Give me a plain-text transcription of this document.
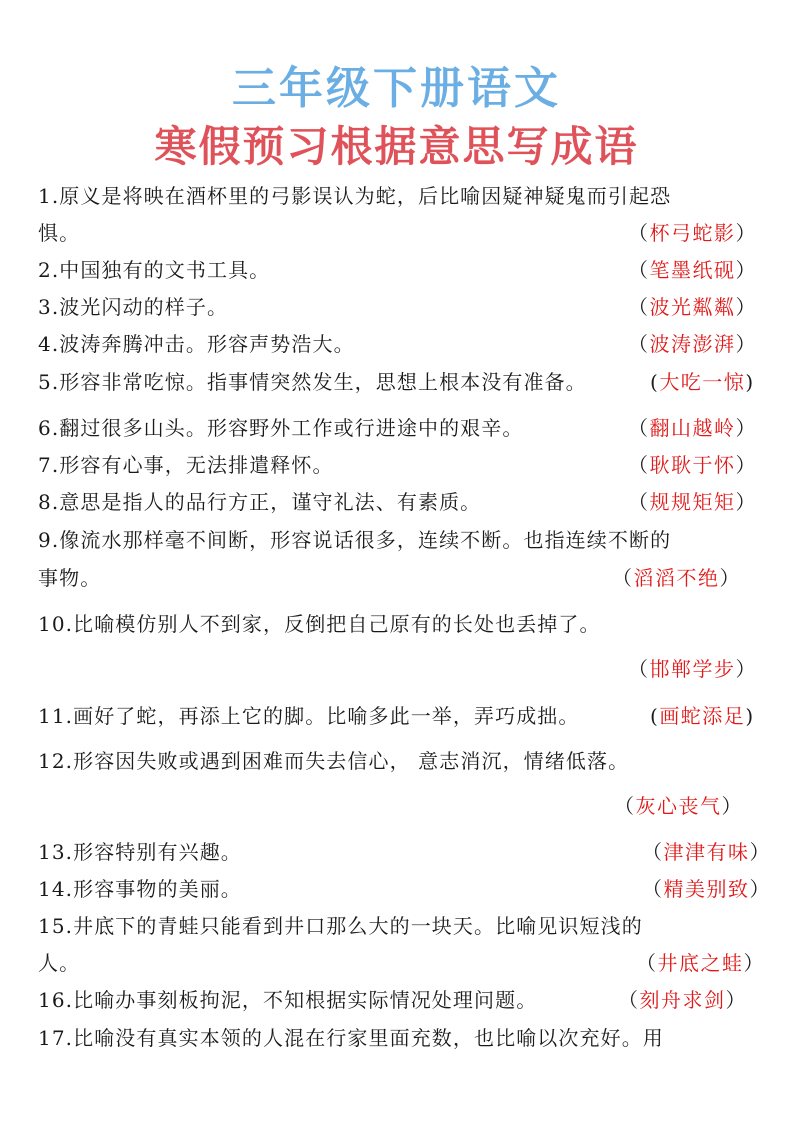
三年级下册语文
寒假预习根据意思写成语
1.原义是将映在酒杯里的弓影误认为蛇，后比喻因疑神疑鬼而引起恐
惧。	（杯弓蛇影）
2.中国独有的文书工具。	（笔墨纸砚）
3.波光闪动的样子。	（波光粼粼）
4.波涛奔腾冲击。形容声势浩大。	（波涛澎湃）
5.形容非常吃惊。指事情突然发生，思想上根本没有准备。	(大吃一惊)
6.翻过很多山头。形容野外工作或行进途中的艰辛。	（翻山越岭）
7.形容有心事，无法排遣释怀。	（耿耿于怀）
8.意思是指人的品行方正，谨守礼法、有素质。	（规规矩矩）
9.像流水那样毫不间断，形容说话很多，连续不断。也指连续不断的
事物。	（滔滔不绝）
10.比喻模仿别人不到家，反倒把自己原有的长处也丢掉了。
（邯郸学步）
11.画好了蛇，再添上它的脚。比喻多此一举，弄巧成拙。	(画蛇添足)
12.形容因失败或遇到困难而失去信心， 意志消沉，情绪低落。
（灰心丧气）
13.形容特别有兴趣。	（津津有味）
14.形容事物的美丽。	（精美别致）
15.井底下的青蛙只能看到井口那么大的一块天。比喻见识短浅的
人。	（井底之蛙）
16.比喻办事刻板拘泥，不知根据实际情况处理问题。	（刻舟求剑）
17.比喻没有真实本领的人混在行家里面充数，也比喻以次充好。用
